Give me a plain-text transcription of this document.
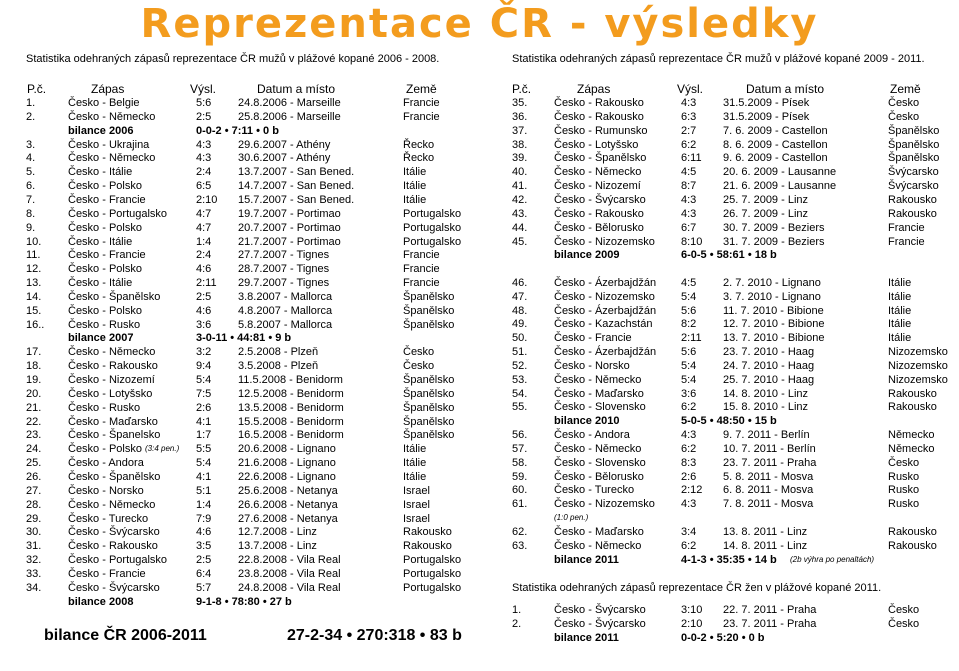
Reprezentace ČR - výsledky
Statistika odehraných zápasů reprezentace ČR mužů v plážové kopané 2006 - 2008.	Statistika odehraných zápasů reprezentace ČR mužů v plážové kopané 2009 - 2011.
P.č.	Zápas	Výsl.	Datum a místo	Země
1.	Česko - Belgie	5:6 24.8.2006 - Marseille	Francie
2.	Česko - Německo	2:5 25.8.2006 - Marseille	Francie
bilance 2006	0-0-2 • 7:11 • 0 b
3.	Česko - Ukrajina	4:3 29.6.2007 - Athény	Řecko
4.	Česko - Německo	4:3 30.6.2007 - Athény	Řecko
5.	Česko - Itálie	2:4 13.7.2007 - San Bened.	Itálie
6.	Česko - Polsko	6:5 14.7.2007 - San Bened.	Itálie
7.	Česko - Francie	2:10 15.7.2007 - San Bened.	Itálie
8.	Česko - Portugalsko	4:7 19.7.2007 - Portimao	Portugalsko
9.	Česko - Polsko	4:7 20.7.2007 - Portimao	Portugalsko
10. Česko - Itálie	1:4 21.7.2007 - Portimao	Portugalsko
11.	Česko - Francie	2:4 27.7.2007 - Tignes	Francie
12. Česko - Polsko	4:6 28.7.2007 - Tignes	Francie
13. Česko - Itálie	2:11 29.7.2007 - Tignes	Francie
14. Česko - Španělsko	2:5 3.8.2007 - Mallorca	Španělsko
15. Česko - Polsko	4:6 4.8.2007 - Mallorca	Španělsko
16.. Česko - Rusko	3:6 5.8.2007 - Mallorca	Španělsko
bilance 2007	3-0-11 • 44:81 • 9 b
17. Česko - Německo	3:2 2.5.2008 - Plzeň	Česko
18. Česko - Rakousko	9:4 3.5.2008 - Plzeň	Česko
19. Česko - Nizozemí	5:4 11.5.2008 - Benidorm	Španělsko
20. Česko - Lotyšsko	7:5 12.5.2008 - Benidorm	Španělsko
21. Česko - Rusko	2:6 13.5.2008 - Benidorm	Španělsko
22. Česko - Maďarsko	4:1 15.5.2008 - Benidorm	Španělsko
23. Česko - Španelsko	1:7 16.5.2008 - Benidorm	Španělsko
24. Česko - Polsko (3:4 pen.) 5:5 20.6.2008 - Lignano	Itálie
25. Česko - Andora	5:4 21.6.2008 - Lignano	Itálie
26. Česko - Španělsko	4:1 22.6.2008 - Lignano	Itálie
27. Česko - Norsko	5:1 25.6.2008 - Netanya	Israel
28. Česko - Německo	1:4 26.6.2008 - Netanya	Israel
29. Česko - Turecko	7:9 27.6.2008 - Netanya	Israel
30. Česko - Švýcarsko	4:6 12.7.2008 - Linz	Rakousko
31. Česko - Rakousko	3:5 13.7.2008 - Linz	Rakousko
32. Česko - Portugalsko	2:5 22.8.2008 - Vila Real	Portugalsko
33. Česko - Francie	6:4 23.8.2008 - Vila Real	Portugalsko
34. Česko - Švýcarsko	5:7 24.8.2008 - Vila Real	Portugalsko
bilance 2008	9-1-8 • 78:80 • 27 b
P.č.	Zápas	Výsl.	Datum a místo	Země
35. Česko - Rakousko	4:3 31.5.2009 - Písek	Česko
36. Česko - Rakousko	6:3 31.5.2009 - Písek	Česko
37. Česko - Rumunsko	2:7 7. 6. 2009 - Castellon	Španělsko
38. Česko - Lotyšsko	6:2 8. 6. 2009 - Castellon	Španělsko
39. Česko - Španělsko	6:11 9. 6. 2009 - Castellon	Španělsko
40. Česko - Německo	4:5 20. 6. 2009 - Lausanne	Švýcarsko
41. Česko - Nizozemí	8:7 21. 6. 2009 - Lausanne	Švýcarsko
42. Česko - Švýcarsko	4:3 25. 7. 2009 - Linz	Rakousko
43. Česko - Rakousko	4:3 26. 7. 2009 - Linz	Rakousko
44. Česko - Bělorusko	6:7 30. 7. 2009 - Beziers	Francie
45. Česko - Nizozemsko 8:10 31. 7. 2009 - Beziers	Francie
bilance 2009	6-0-5 • 58:61 • 18 b
46. Česko - Ázerbajdžán 4:5 2. 7. 2010 - Lignano	Itálie
47. Česko - Nizozemsko 5:4 3. 7. 2010 - Lignano	Itálie
48. Česko - Ázerbajdžán 5:6 11. 7. 2010 - Bibione	Itálie
49. Česko - Kazachstán	8:2 12. 7. 2010 - Bibione	Itálie
50. Česko - Francie	2:11 13. 7. 2010 - Bibione	Itálie
51. Česko - Ázerbajdžán 5:6 23. 7. 2010 - Haag	Nizozemsko
52. Česko - Norsko	5:4 24. 7. 2010 - Haag	Nizozemsko
53. Česko - Německo	5:4 25. 7. 2010 - Haag	Nizozemsko
54. Česko - Maďarsko	3:6 14. 8. 2010 - Linz	Rakousko
55. Česko - Slovensko	6:2 15. 8. 2010 - Linz	Rakousko
bilance 2010	5-0-5 • 48:50 • 15 b
56. Česko - Andora	4:3 9. 7. 2011 - Berlín	Německo
57. Česko - Německo	6:2 10. 7. 2011 - Berlín	Německo
58. Česko - Slovensko	8:3 23. 7. 2011 - Praha	Česko
59. Česko - Bělorusko	2:6 5. 8. 2011 - Mosva	Rusko
60. Česko - Turecko	2:12 6. 8. 2011 - Mosva	Rusko
61. Česko - Nizozemsko 4:3 7. 8. 2011 - Mosva	Rusko
(1:0 pen.)
62. Česko - Maďarsko	3:4 13. 8. 2011 - Linz	Rakousko
63. Česko - Německo	6:2 14. 8. 2011 - Linz	Rakousko
bilance 2011	4-1-3 • 35:35 • 14 b (2b výhra po penaltách)
Statistika odehraných zápasů reprezentace ČR žen v plážové kopané 2011.
1.	Česko - Švýcarsko	3:10 22. 7. 2011 - Praha	Česko
2.	Česko - Švýcarsko	2:10 23. 7. 2011 - Praha	Česko
bilance 2011	0-0-2 • 5:20 • 0 b
bilance ČR 2006-2011	27-2-34 • 270:318 • 83 b
